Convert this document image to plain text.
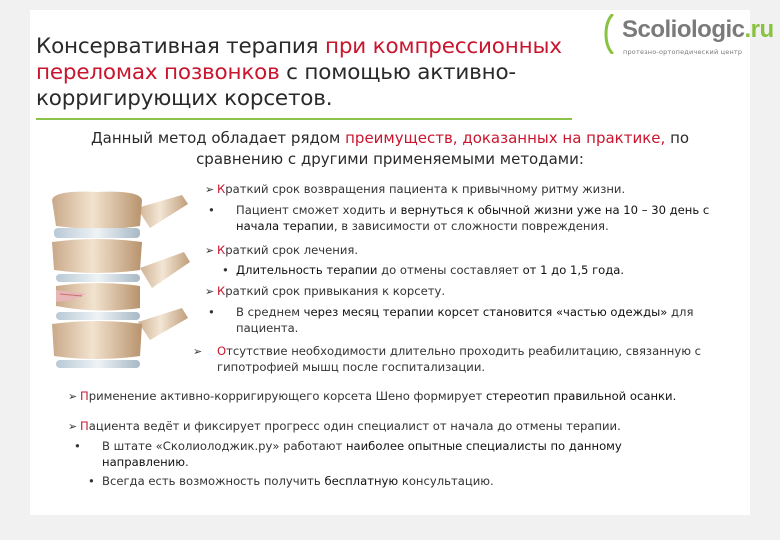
Консервативная терапия при компрессионных переломах позвонков с помощью активно-корригирующих корсетов.
Scoliologic.ru
протезно-ортопедический центр
Данный метод обладает рядом преимуществ, доказанных на практике, по сравнению с другими применяемыми методами:
➢ Краткий срок возвращения пациента к привычному ритму жизни.
• Пациент сможет ходить и вернуться к обычной жизни уже на 10 – 30 день с начала терапии, в зависимости от сложности повреждения.
➢ Краткий срок лечения.
• Длительность терапии до отмены составляет от 1 до 1,5 года.
➢ Краткий срок привыкания к корсету.
• В среднем через месяц терапии корсет становится «частью одежды» для пациента.
➢ Отсутствие необходимости длительно проходить реабилитацию, связанную с гипотрофией мышц после госпитализации.
➢ Применение активно-корригирующего корсета Шено формирует стереотип правильной осанки.
➢ Пациента ведёт и фиксирует прогресс один специалист от начала до отмены терапии.
• В штате «Сколиолоджик.ру» работают наиболее опытные специалисты по данному направлению.
• Всегда есть возможность получить бесплатную консультацию.
